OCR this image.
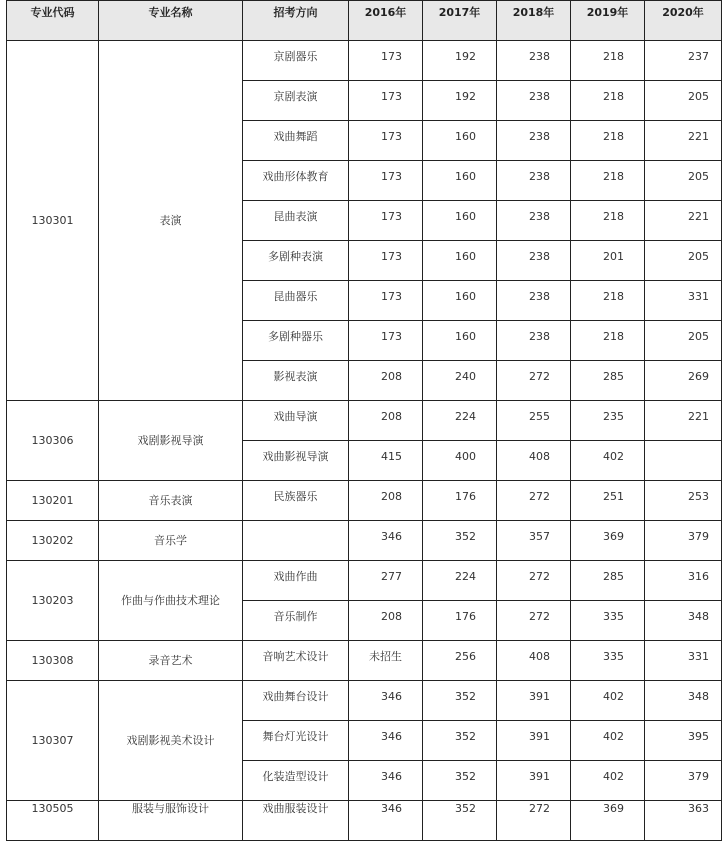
专业代码	专业名称	招考方向	2016年	2017年	2018年	2019年	2020年
130301	表演	京剧器乐	173	192	238	218	237
		京剧表演	173	192	238	218	205
		戏曲舞蹈	173	160	238	218	221
		戏曲形体教育	173	160	238	218	205
		昆曲表演	173	160	238	218	221
		多剧种表演	173	160	238	201	205
		昆曲器乐	173	160	238	218	331
		多剧种器乐	173	160	238	218	205
		影视表演	208	240	272	285	269
130306	戏剧影视导演	戏曲导演	208	224	255	235	221
		戏曲影视导演	415	400	408	402	
130201	音乐表演	民族器乐	208	176	272	251	253
130202	音乐学		346	352	357	369	379
130203	作曲与作曲技术理论	戏曲作曲	277	224	272	285	316
		音乐制作	208	176	272	335	348
130308	录音艺术	音响艺术设计	未招生	256	408	335	331
130307	戏剧影视美术设计	戏曲舞台设计	346	352	391	402	348
		舞台灯光设计	346	352	391	402	395
		化装造型设计	346	352	391	402	379
130505	服装与服饰设计	戏曲服装设计	346	352	272	369	363
